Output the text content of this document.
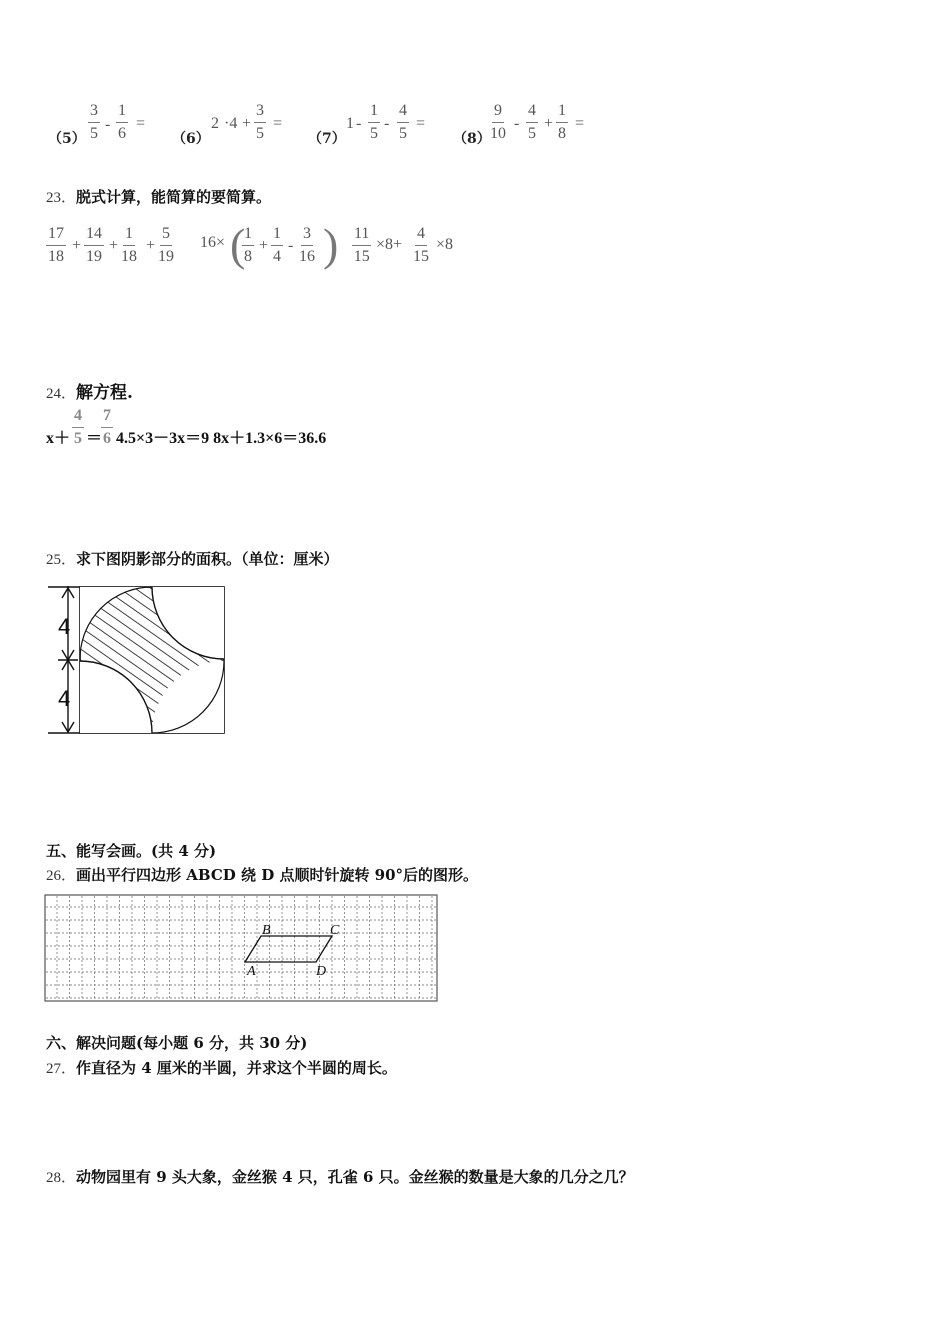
$(5) \frac{3}{5} - \frac{1}{6}$ =
（6）
$2 \cdot 4 + \frac{3}{5}$ =
（7）
$1 - \frac{1}{5} - \frac{4}{5}$ =
$(8) \frac{9}{10} - \frac{4}{5} + \frac{1}{8}$ =
23．脱式计算，能简算的要简算。
$\frac{17}{18} + \frac{14}{19} + \frac{1}{18} + \frac{5}{19} 16\times$ (
$\frac{1}{8} + \frac{1}{4} - \frac{3}{16}$ ) $\frac{11}{15} \times 8+ \frac{4}{15} \times 8$
24．解方程.
$x+ \frac{4}{5}$ ＝
$\frac{7}{6} 4.5\times 3-3x=9$ 8x＋1.3×6＝36.6
25．求下图阴影部分的面积。（单位：厘米）
4
4
五、能写会画。(共 4 分)
26．画出平行四边形 ABCD 绕 D 点顺时针旋转 90°后的图形。
B	C
A	D
六、解决问题(每小题 6 分，共 30 分)
27．作直径为 4 厘米的半圆，并求这个半圆的周长。
28．动物园里有 9 头大象，金丝猴 4 只，孔雀 6 只。金丝猴的数量是大象的几分之几？
